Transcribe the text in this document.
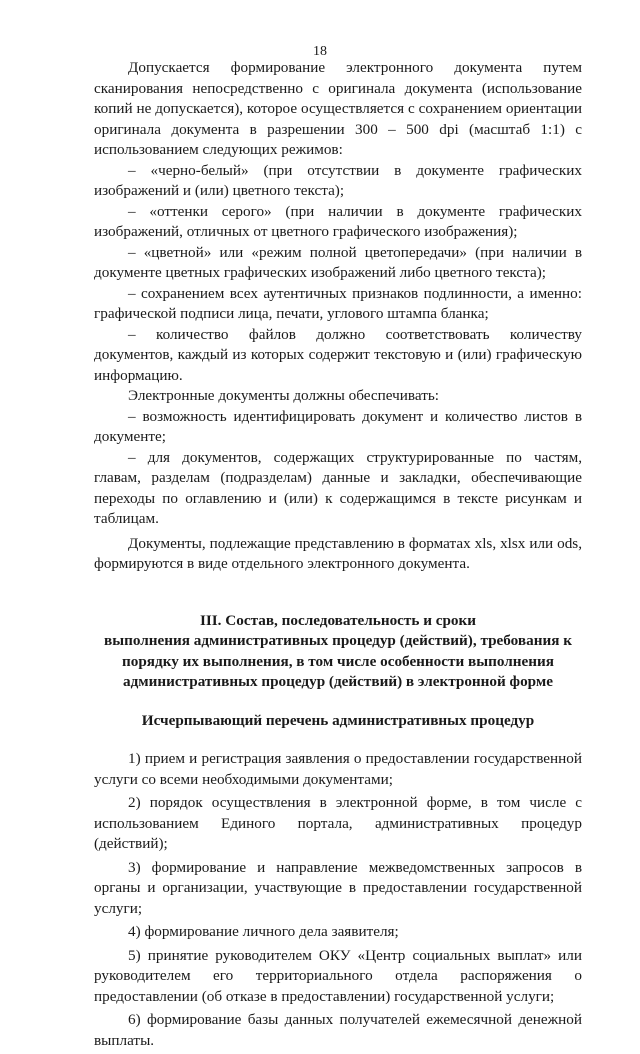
18

Допускается формирование электронного документа путем сканирования непосредственно с оригинала документа (использование копий не допускается), которое осуществляется с сохранением ориентации оригинала документа в разрешении 300 – 500 dpi (масштаб 1:1) с использованием следующих режимов:

– «черно-белый» (при отсутствии в документе графических изображений и (или) цветного текста);

– «оттенки серого» (при наличии в документе графических изображений, отличных от цветного графического изображения);

– «цветной» или «режим полной цветопередачи» (при наличии в документе цветных графических изображений либо цветного текста);

– сохранением всех аутентичных признаков подлинности, а именно: графической подписи лица, печати, углового штампа бланка;

– количество файлов должно соответствовать количеству документов, каждый из которых содержит текстовую и (или) графическую информацию.

Электронные документы должны обеспечивать:

– возможность идентифицировать документ и количество листов в документе;

– для документов, содержащих структурированные по частям, главам, разделам (подразделам) данные и закладки, обеспечивающие переходы по оглавлению и (или) к содержащимся в тексте рисункам и таблицам.

Документы, подлежащие представлению в форматах xls, xlsx или ods, формируются в виде отдельного электронного документа.

III. Состав, последовательность и сроки
выполнения административных процедур (действий), требования к
порядку их выполнения, в том числе особенности выполнения
административных процедур (действий) в электронной форме
Исчерпывающий перечень административных процедур

1) прием и регистрация заявления о предоставлении государственной услуги со всеми необходимыми документами;

2) порядок осуществления в электронной форме, в том числе с использованием Единого портала, административных процедур (действий);

3) формирование и направление межведомственных запросов в органы и организации, участвующие в предоставлении государственной услуги;

4) формирование личного дела заявителя;

5) принятие руководителем ОКУ «Центр социальных выплат» или руководителем его территориального отдела распоряжения о предоставлении (об отказе в предоставлении) государственной услуги;

6) формирование базы данных получателей ежемесячной денежной выплаты.
